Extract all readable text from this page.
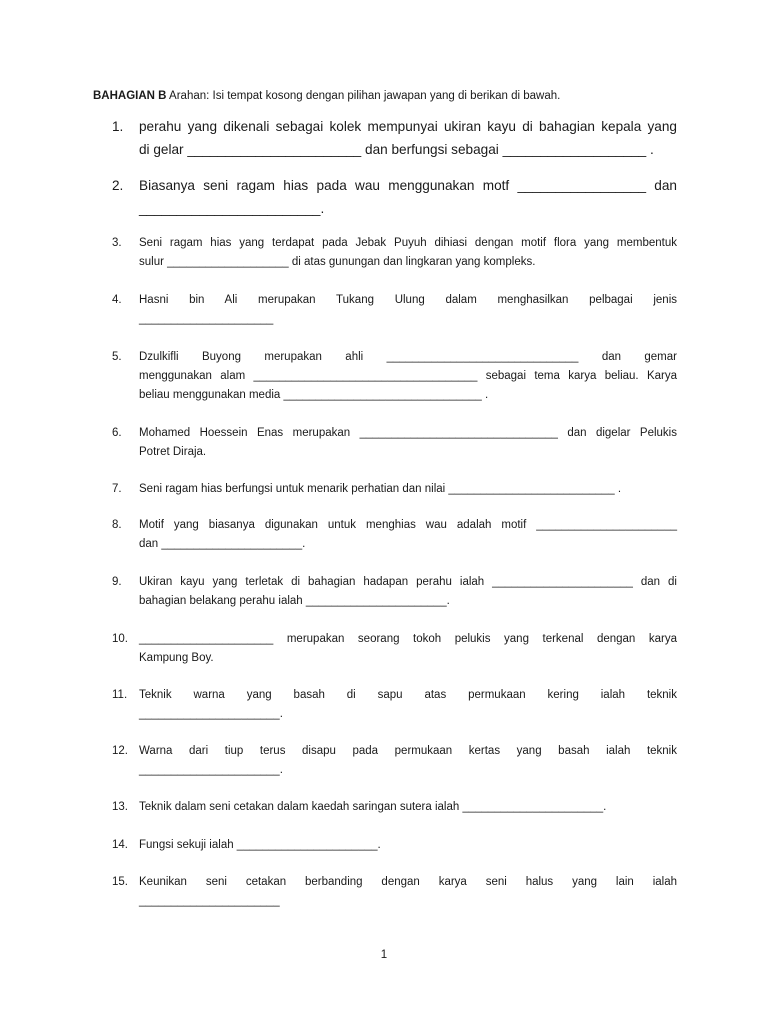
BAHAGIAN B Arahan: Isi tempat kosong dengan pilihan jawapan yang di berikan di bawah.
1. perahu yang dikenali sebagai kolek mempunyai ukiran kayu di bahagian kepala yang
di gelar _______________________ dan berfungsi sebagai ___________________ .
2. Biasanya seni ragam hias pada wau menggunakan motf _________________ dan
________________________.
3. Seni ragam hias yang terdapat pada Jebak Puyuh dihiasi dengan motif flora yang membentuk
sulur ___________________ di atas gunungan dan lingkaran yang kompleks.
4. Hasni bin Ali merupakan Tukang Ulung dalam menghasilkan pelbagai jenis
_____________________
5. Dzulkifli Buyong merupakan ahli ______________________________ dan gemar
menggunakan alam ___________________________________ sebagai tema karya beliau. Karya
beliau menggunakan media _______________________________ .
6. Mohamed Hoessein Enas merupakan _______________________________ dan digelar Pelukis
Potret Diraja.
7. Seni ragam hias berfungsi untuk menarik perhatian dan nilai __________________________ .
8. Motif yang biasanya digunakan untuk menghias wau adalah motif ______________________
dan ______________________.
9. Ukiran kayu yang terletak di bahagian hadapan perahu ialah ______________________ dan di
bahagian belakang perahu ialah ______________________.
10. _____________________ merupakan seorang tokoh pelukis yang terkenal dengan karya
Kampung Boy.
11. Teknik warna yang basah di sapu atas permukaan kering ialah teknik
______________________.
12. Warna dari tiup terus disapu pada permukaan kertas yang basah ialah teknik
______________________.
13. Teknik dalam seni cetakan dalam kaedah saringan sutera ialah ______________________.
14. Fungsi sekuji ialah ______________________.
15. Keunikan seni cetakan berbanding dengan karya seni halus yang lain ialah
______________________
1
